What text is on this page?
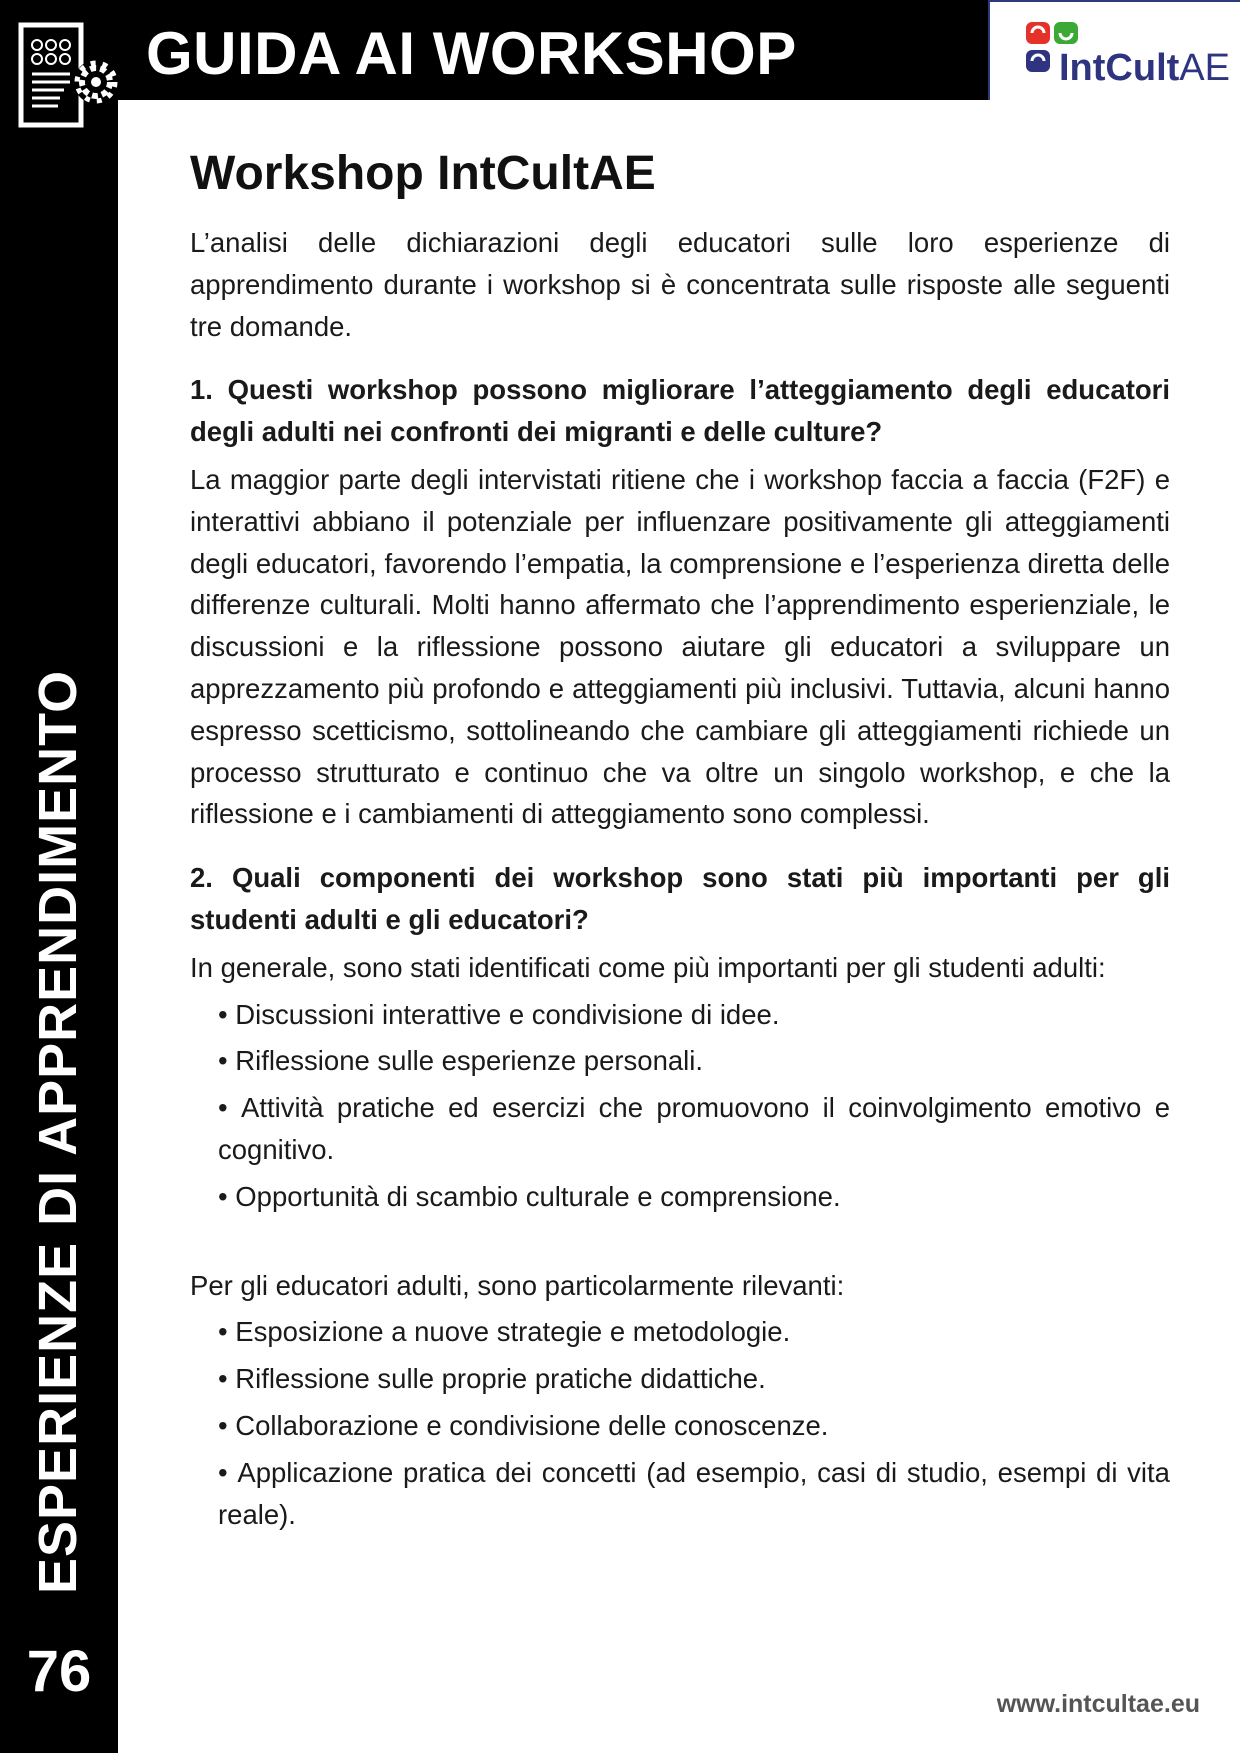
GUIDA AI WORKSHOP	IntCultAE
ESPERIENZE DI APPRENDIMENTO
76
Workshop IntCultAE

L’analisi delle dichiarazioni degli educatori sulle loro esperienze di apprendimento durante i workshop si è concentrata sulle risposte alle seguenti tre domande.

1. Questi workshop possono migliorare l’atteggiamento degli educatori degli adulti nei confronti dei migranti e delle culture?

La maggior parte degli intervistati ritiene che i workshop faccia a faccia (F2F) e interattivi abbiano il potenziale per influenzare positivamente gli atteggiamenti degli educatori, favorendo l’empatia, la comprensione e l’esperienza diretta delle differenze culturali. Molti hanno affermato che l’apprendimento esperienziale, le discussioni e la riflessione possono aiutare gli educatori a sviluppare un apprezzamento più profondo e atteggiamenti più inclusivi. Tuttavia, alcuni hanno espresso scetticismo, sottolineando che cambiare gli atteggiamenti richiede un processo strutturato e continuo che va oltre un singolo workshop, e che la riflessione e i cambiamenti di atteggiamento sono complessi.

2. Quali componenti dei workshop sono stati più importanti per gli studenti adulti e gli educatori?

In generale, sono stati identificati come più importanti per gli studenti adulti:

• Discussioni interattive e condivisione di idee.
• Riflessione sulle esperienze personali.
• Attività pratiche ed esercizi che promuovono il coinvolgimento emotivo e cognitivo.
• Opportunità di scambio culturale e comprensione.

Per gli educatori adulti, sono particolarmente rilevanti:

• Esposizione a nuove strategie e metodologie.
• Riflessione sulle proprie pratiche didattiche.
• Collaborazione e condivisione delle conoscenze.
• Applicazione pratica dei concetti (ad esempio, casi di studio, esempi di vita reale).
www.intcultae.eu
